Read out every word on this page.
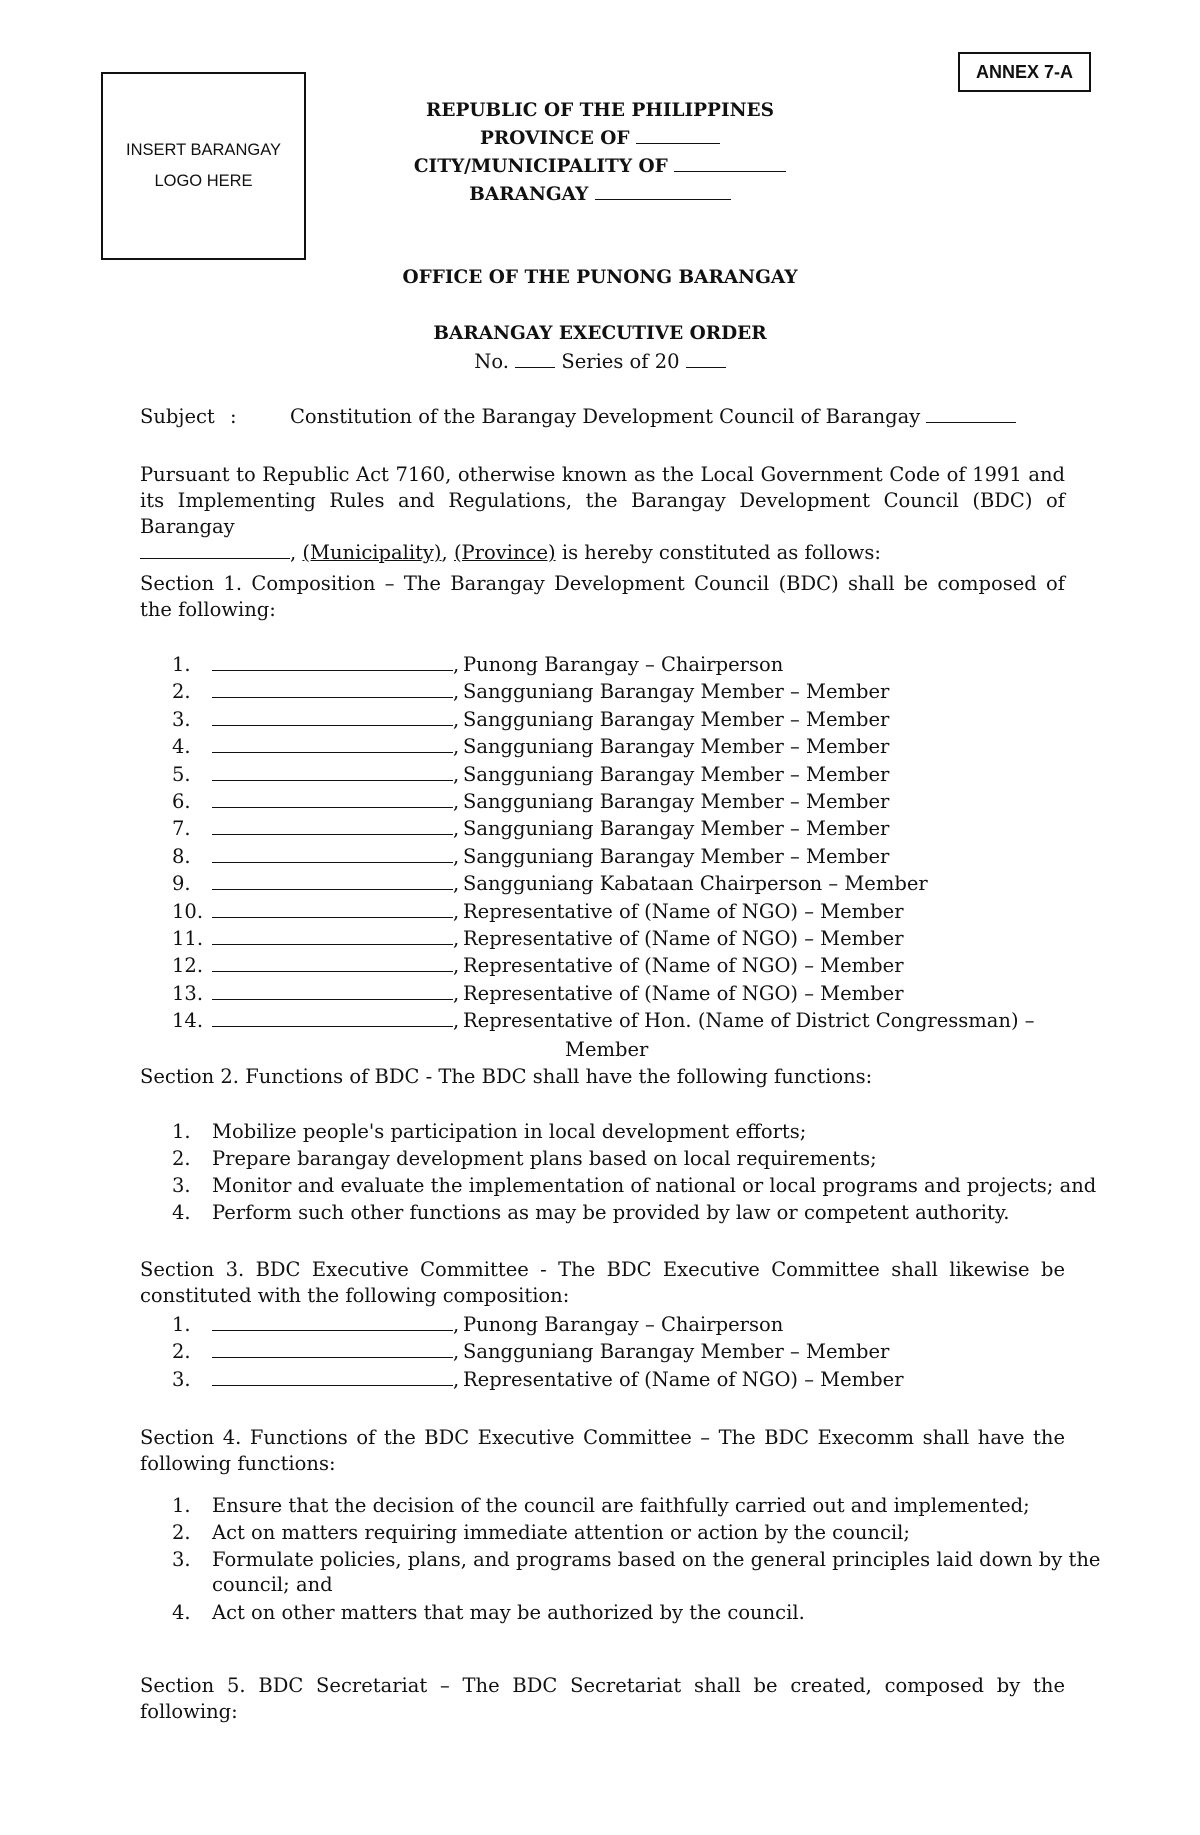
INSERT BARANGAY
LOGO HERE
ANNEX 7-A
REPUBLIC OF THE PHILIPPINES
PROVINCE OF
CITY/MUNICIPALITY OF
BARANGAY
OFFICE OF THE PUNONG BARANGAY
BARANGAY EXECUTIVE ORDER
No.	Series of 20
Subject :	Constitution of the Barangay Development Council of Barangay
Pursuant to Republic Act 7160, otherwise known as the Local Government Code of 1991 and its Implementing Rules and Regulations, the Barangay Development Council (BDC) of Barangay
, (Municipality), (Province) is hereby constituted as follows:
Section 1. Composition – The Barangay Development Council (BDC) shall be composed of the following:
1.	, Punong Barangay – Chairperson
2.	, Sangguniang Barangay Member – Member
3.	, Sangguniang Barangay Member – Member
4.	, Sangguniang Barangay Member – Member
5.	, Sangguniang Barangay Member – Member
6.	, Sangguniang Barangay Member – Member
7.	, Sangguniang Barangay Member – Member
8.	, Sangguniang Barangay Member – Member
9.	, Sangguniang Kabataan Chairperson – Member
10.	, Representative of (Name of NGO) – Member
11.	, Representative of (Name of NGO) – Member
12.	, Representative of (Name of NGO) – Member
13.	, Representative of (Name of NGO) – Member
14.	, Representative of Hon. (Name of District Congressman) –
Member
Section 2. Functions of BDC - The BDC shall have the following functions:
1. Mobilize people's participation in local development efforts;
2. Prepare barangay development plans based on local requirements;
3. Monitor and evaluate the implementation of national or local programs and projects; and
4. Perform such other functions as may be provided by law or competent authority.
Section 3. BDC Executive Committee - The BDC Executive Committee shall likewise be constituted with the following composition:
1.	, Punong Barangay – Chairperson
2.	, Sangguniang Barangay Member – Member
3.	, Representative of (Name of NGO) – Member
Section 4. Functions of the BDC Executive Committee – The BDC Execomm shall have the following functions:
1. Ensure that the decision of the council are faithfully carried out and implemented;
2. Act on matters requiring immediate attention or action by the council;
3. Formulate policies, plans, and programs based on the general principles laid down by the
council; and
4. Act on other matters that may be authorized by the council.
Section 5. BDC Secretariat – The BDC Secretariat shall be created, composed by the following:
